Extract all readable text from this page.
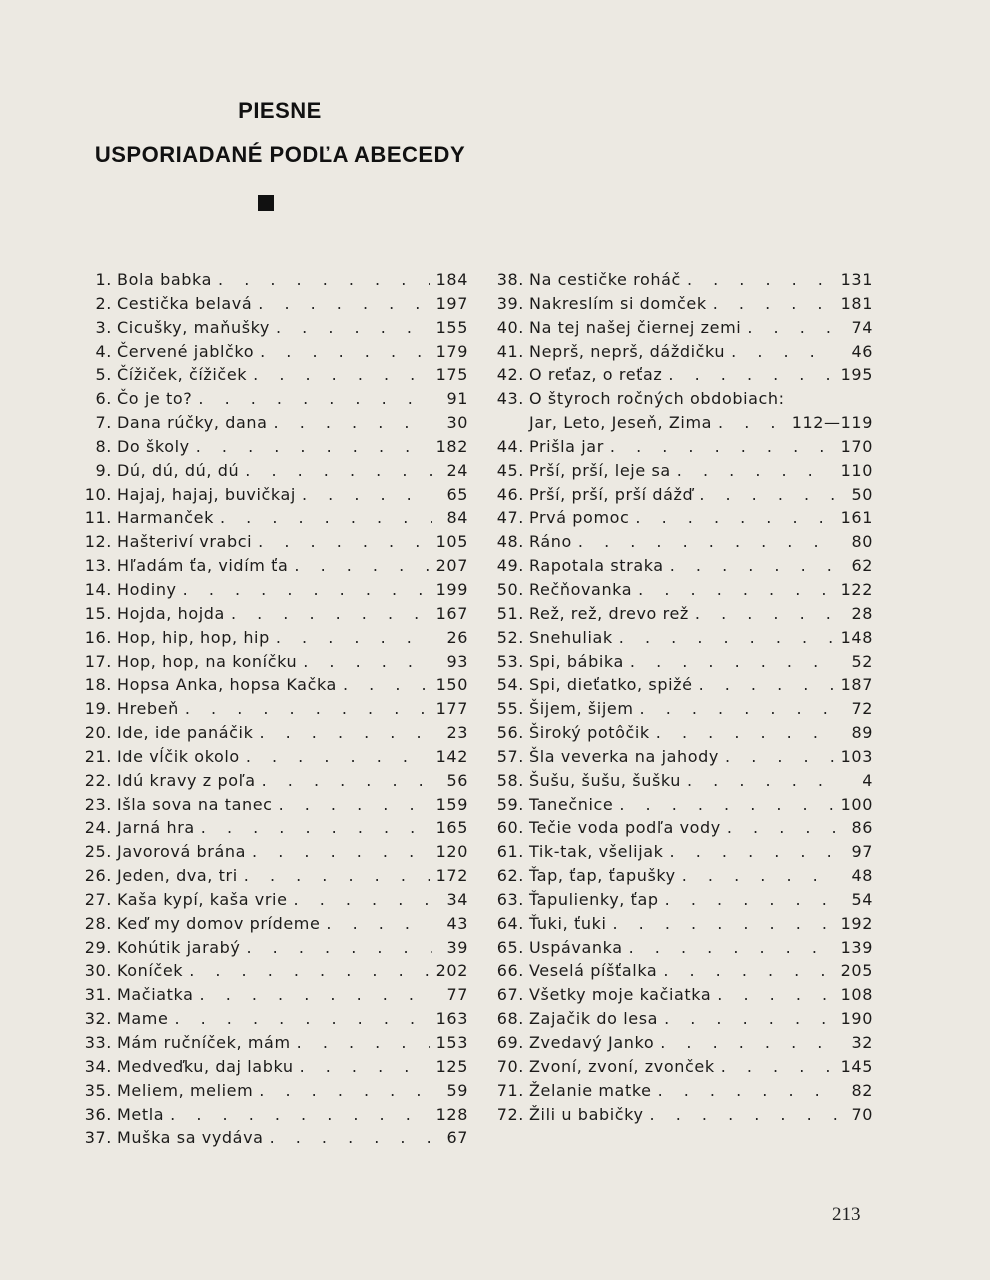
PIESNE
USPORIADANÉ PODĽA ABECEDY
1. Bola babka . . .	184
2. Cestička belavá . . .	197
3. Cicušky, maňušky . . .	155
4. Červené jablčko . . .	179
5. Čížiček, čížiček . . .	175
6. Čo je to? . . .	91
7. Dana rúčky, dana . . .	30
8. Do školy . . .	182
9. Dú, dú, dú, dú . . .	24
10. Hajaj, hajaj, buvičkaj . . .	65
11. Harmanček . . .	84
12. Hašteriví vrabci . . .	105
13. Hľadám ťa, vidím ťa . . .	207
14. Hodiny . . .	199
15. Hojda, hojda . . .	167
16. Hop, hip, hop, hip . . .	26
17. Hop, hop, na koníčku . . .	93
18. Hopsa Anka, hopsa Kačka . . .	150
19. Hrebeň . . .	177
20. Ide, ide panáčik . . .	23
21. Ide vĺčik okolo . . .	142
22. Idú kravy z poľa . . .	56
23. Išla sova na tanec . . .	159
24. Jarná hra . . .	165
25. Javorová brána . . .	120
26. Jeden, dva, tri . . .	172
27. Kaša kypí, kaša vrie . . .	34
28. Keď my domov prídeme . . .	43
29. Kohútik jarabý . . .	39
30. Koníček . . .	202
31. Mačiatka . . .	77
32. Mame . . .	163
33. Mám ručníček, mám . . .	153
34. Medveďku, daj labku . . .	125
35. Meliem, meliem . . .	59
36. Metla . . .	128
37. Muška sa vydáva . . .	67
38. Na cestičke roháč . . .	131
39. Nakreslím si domček . . .	181
40. Na tej našej čiernej zemi . . .	74
41. Neprš, neprš, dáždičku . . .	46
42. O reťaz, o reťaz . . .	195
43. O štyroch ročných obdobiach:
Jar, Leto, Jeseň, Zima . . .	112—119
44. Prišla jar . . .	170
45. Prší, prší, leje sa . . .	110
46. Prší, prší, prší dážď . . .	50
47. Prvá pomoc . . .	161
48. Ráno . . .	80
49. Rapotala straka . . .	62
50. Rečňovanka . . .	122
51. Rež, rež, drevo rež . . .	28
52. Snehuliak . . .	148
53. Spi, bábika . . .	52
54. Spi, dieťatko, spižé . . .	187
55. Šijem, šijem . . .	72
56. Široký potôčik . . .	89
57. Šla veverka na jahody . . .	103
58. Šušu, šušu, šušku . . .	4
59. Tanečnice . . .	100
60. Tečie voda podľa vody . . .	86
61. Tik-tak, všelijak . . .	97
62. Ťap, ťap, ťapušky . . .	48
63. Ťapulienky, ťap . . .	54
64. Ťuki, ťuki . . .	192
65. Uspávanka . . .	139
66. Veselá píšťalka . . .	205
67. Všetky moje kačiatka . . .	108
68. Zajačik do lesa . . .	190
69. Zvedavý Janko . . .	32
70. Zvoní, zvoní, zvonček . . .	145
71. Želanie matke . . .	82
72. Žili u babičky . . .	70
213
